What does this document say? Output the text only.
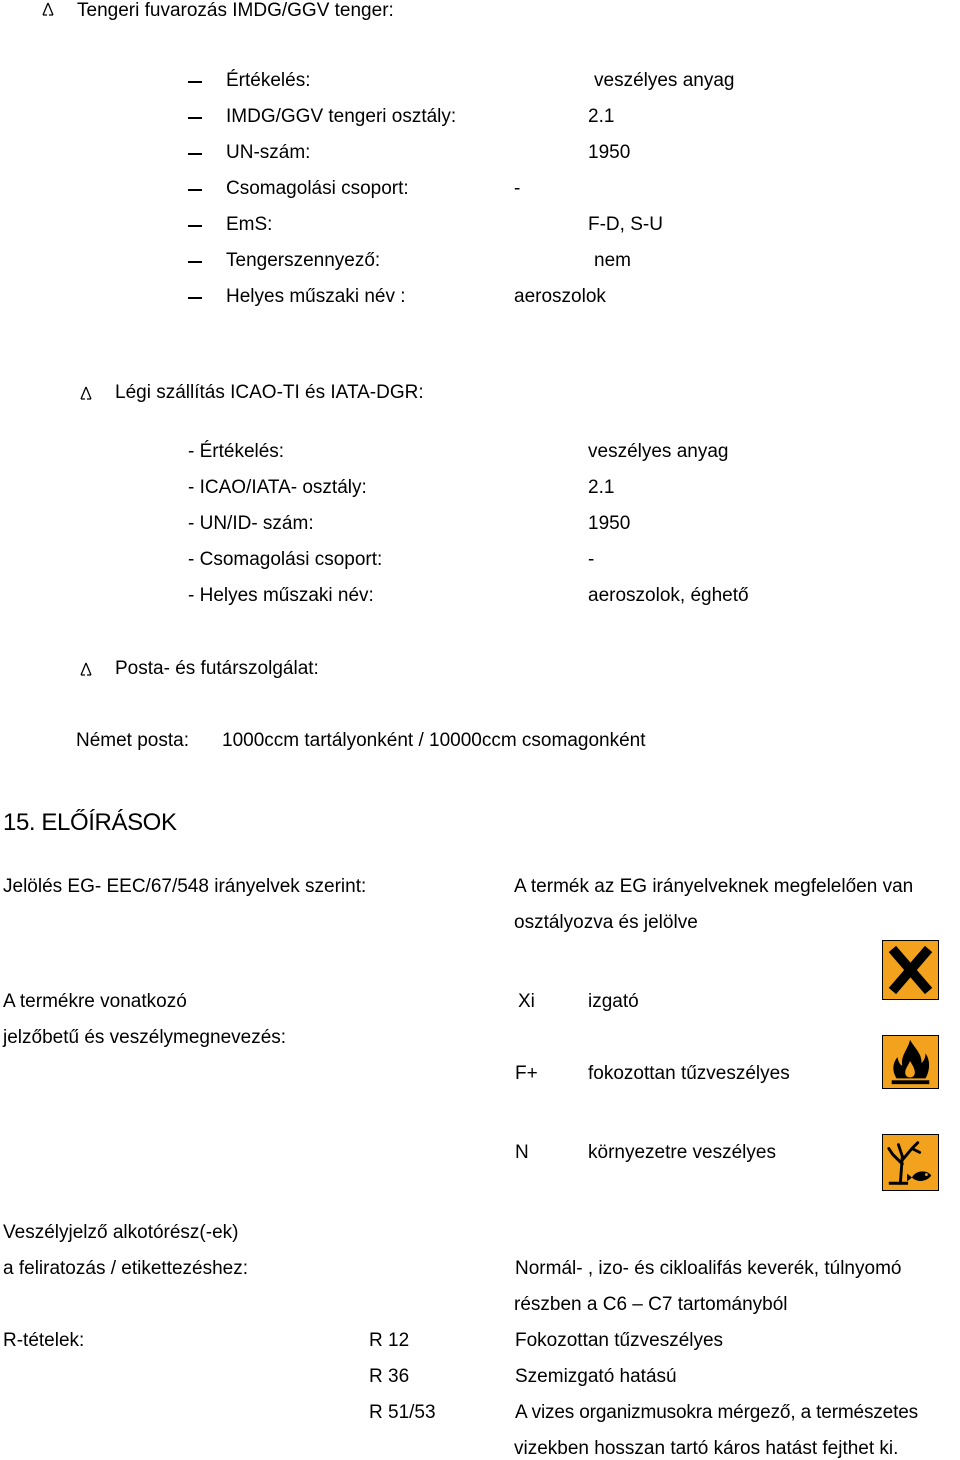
Tengeri fuvarozás IMDG/GGV tenger:
Értékelés:	veszélyes anyag
IMDG/GGV tengeri osztály:	2.1
UN-szám:	1950
Csomagolási csoport:	-
EmS:	F-D, S-U
Tengerszennyező:	nem
Helyes műszaki név :	aeroszolok
Légi szállítás ICAO-TI és IATA-DGR:
- Értékelés:	veszélyes anyag
- ICAO/IATA- osztály:	2.1
- UN/ID- szám:	1950
- Csomagolási csoport:	-
- Helyes műszaki név:	aeroszolok, éghető
Posta- és futárszolgálat:
Német posta: 1000ccm tartályonként / 10000ccm csomagonként
15. ELŐÍRÁSOK
Jelölés EG- EEC/67/548 irányelvek szerint:	A termék az EG irányelveknek megfelelően van
osztályozva és jelölve
A termékre vonatkozó
jelzőbetű és veszélymegnevezés:
Xi	izgató
F+	fokozottan tűzveszélyes
N	környezetre veszélyes
Veszélyjelző alkotórész(-ek)
a feliratozás / etikettezéshez:	Normál- , izo- és cikloalifás keverék, túlnyomó
részben a C6 – C7 tartományból
R-tételek:	R 12	Fokozottan tűzveszélyes
R 36	Szemizgató hatású
R 51/53	A vizes organizmusokra mérgező, a természetes
vizekben hosszan tartó káros hatást fejthet ki.
